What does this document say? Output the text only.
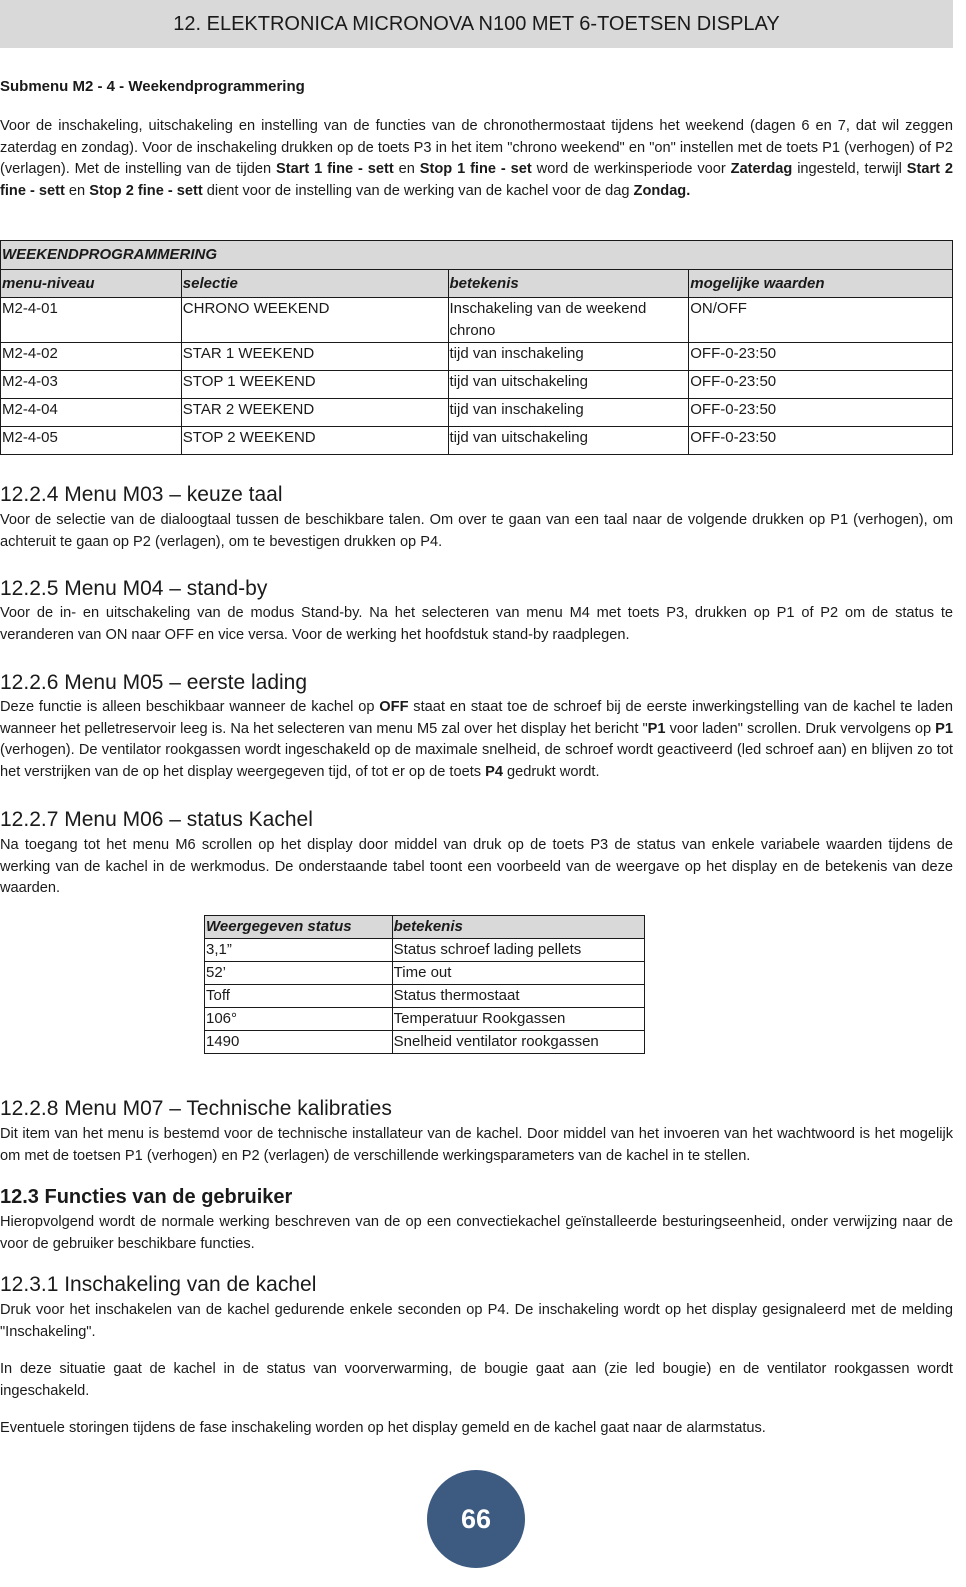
12. ELEKTRONICA MICRONOVA N100 MET 6-TOETSEN DISPLAY
Submenu M2 - 4 - Weekendprogrammering

Voor de inschakeling, uitschakeling en instelling van de functies van de chronothermostaat tijdens het weekend (dagen 6 en 7, dat wil zeggen zaterdag en zondag). Voor de inschakeling drukken op de toets P3 in het item "chrono weekend" en "on" instellen met de toets P1 (verhogen) of P2 (verlagen). Met de instelling van de tijden Start 1 fine - sett en Stop 1 fine - set word de werkinsperiode voor Zaterdag ingesteld, terwijl Start 2 fine - sett en Stop 2 fine - sett dient voor de instelling van de werking van de kachel voor de dag Zondag.

WEEKENDPROGRAMMERING			
menu-niveau	selectie	betekenis	mogelijke waarden
M2-4-01	CHRONO WEEKEND	Inschakeling van de weekend chrono	ON/OFF
M2-4-02	STAR 1 WEEKEND	tijd van inschakeling	OFF-0-23:50
M2-4-03	STOP 1 WEEKEND	tijd van uitschakeling	OFF-0-23:50
M2-4-04	STAR 2 WEEKEND	tijd van inschakeling	OFF-0-23:50
M2-4-05	STOP 2 WEEKEND	tijd van uitschakeling	OFF-0-23:50
12.2.4 Menu M03 – keuze taal

Voor de selectie van de dialoogtaal tussen de beschikbare talen. Om over te gaan van een taal naar de volgende drukken op P1 (verhogen), om achteruit te gaan op P2 (verlagen), om te bevestigen drukken op P4.

12.2.5 Menu M04 – stand-by

Voor de in- en uitschakeling van de modus Stand-by. Na het selecteren van menu M4 met toets P3, drukken op P1 of P2 om de status te veranderen van ON naar OFF en vice versa. Voor de werking het hoofdstuk stand-by raadplegen.

12.2.6 Menu M05 – eerste lading

Deze functie is alleen beschikbaar wanneer de kachel op OFF staat en staat toe de schroef bij de eerste inwerkingstelling van de kachel te laden wanneer het pelletreservoir leeg is. Na het selecteren van menu M5 zal over het display het bericht "P1 voor laden" scrollen. Druk vervolgens op P1 (verhogen). De ventilator rookgassen wordt ingeschakeld op de maximale snelheid, de schroef wordt geactiveerd (led schroef aan) en blijven zo tot het verstrijken van de op het display weergegeven tijd, of tot er op de toets P4 gedrukt wordt.

12.2.7 Menu M06 – status Kachel

Na toegang tot het menu M6 scrollen op het display door middel van druk op de toets P3 de status van enkele variabele waarden tijdens de werking van de kachel in de werkmodus. De onderstaande tabel toont een voorbeeld van de weergave op het display en de betekenis van deze waarden.

Weergegeven status	betekenis
3,1”	Status schroef lading pellets
52’	Time out
Toff	Status thermostaat
106°	Temperatuur Rookgassen
1490	Snelheid ventilator rookgassen
12.2.8 Menu M07 – Technische kalibraties

Dit item van het menu is bestemd voor de technische installateur van de kachel. Door middel van het invoeren van het wachtwoord is het mogelijk om met de toetsen P1 (verhogen) en P2 (verlagen) de verschillende werkingsparameters van de kachel in te stellen.

12.3 Functies van de gebruiker

Hieropvolgend wordt de normale werking beschreven van de op een convectiekachel geïnstalleerde besturingseenheid, onder verwijzing naar de voor de gebruiker beschikbare functies.

12.3.1 Inschakeling van de kachel

Druk voor het inschakelen van de kachel gedurende enkele seconden op P4. De inschakeling wordt op het display gesignaleerd met de melding "Inschakeling".

In deze situatie gaat de kachel in de status van voorverwarming, de bougie gaat aan (zie led bougie) en de ventilator rookgassen wordt ingeschakeld.

Eventuele storingen tijdens de fase inschakeling worden op het display gemeld en de kachel gaat naar de alarmstatus.

66
